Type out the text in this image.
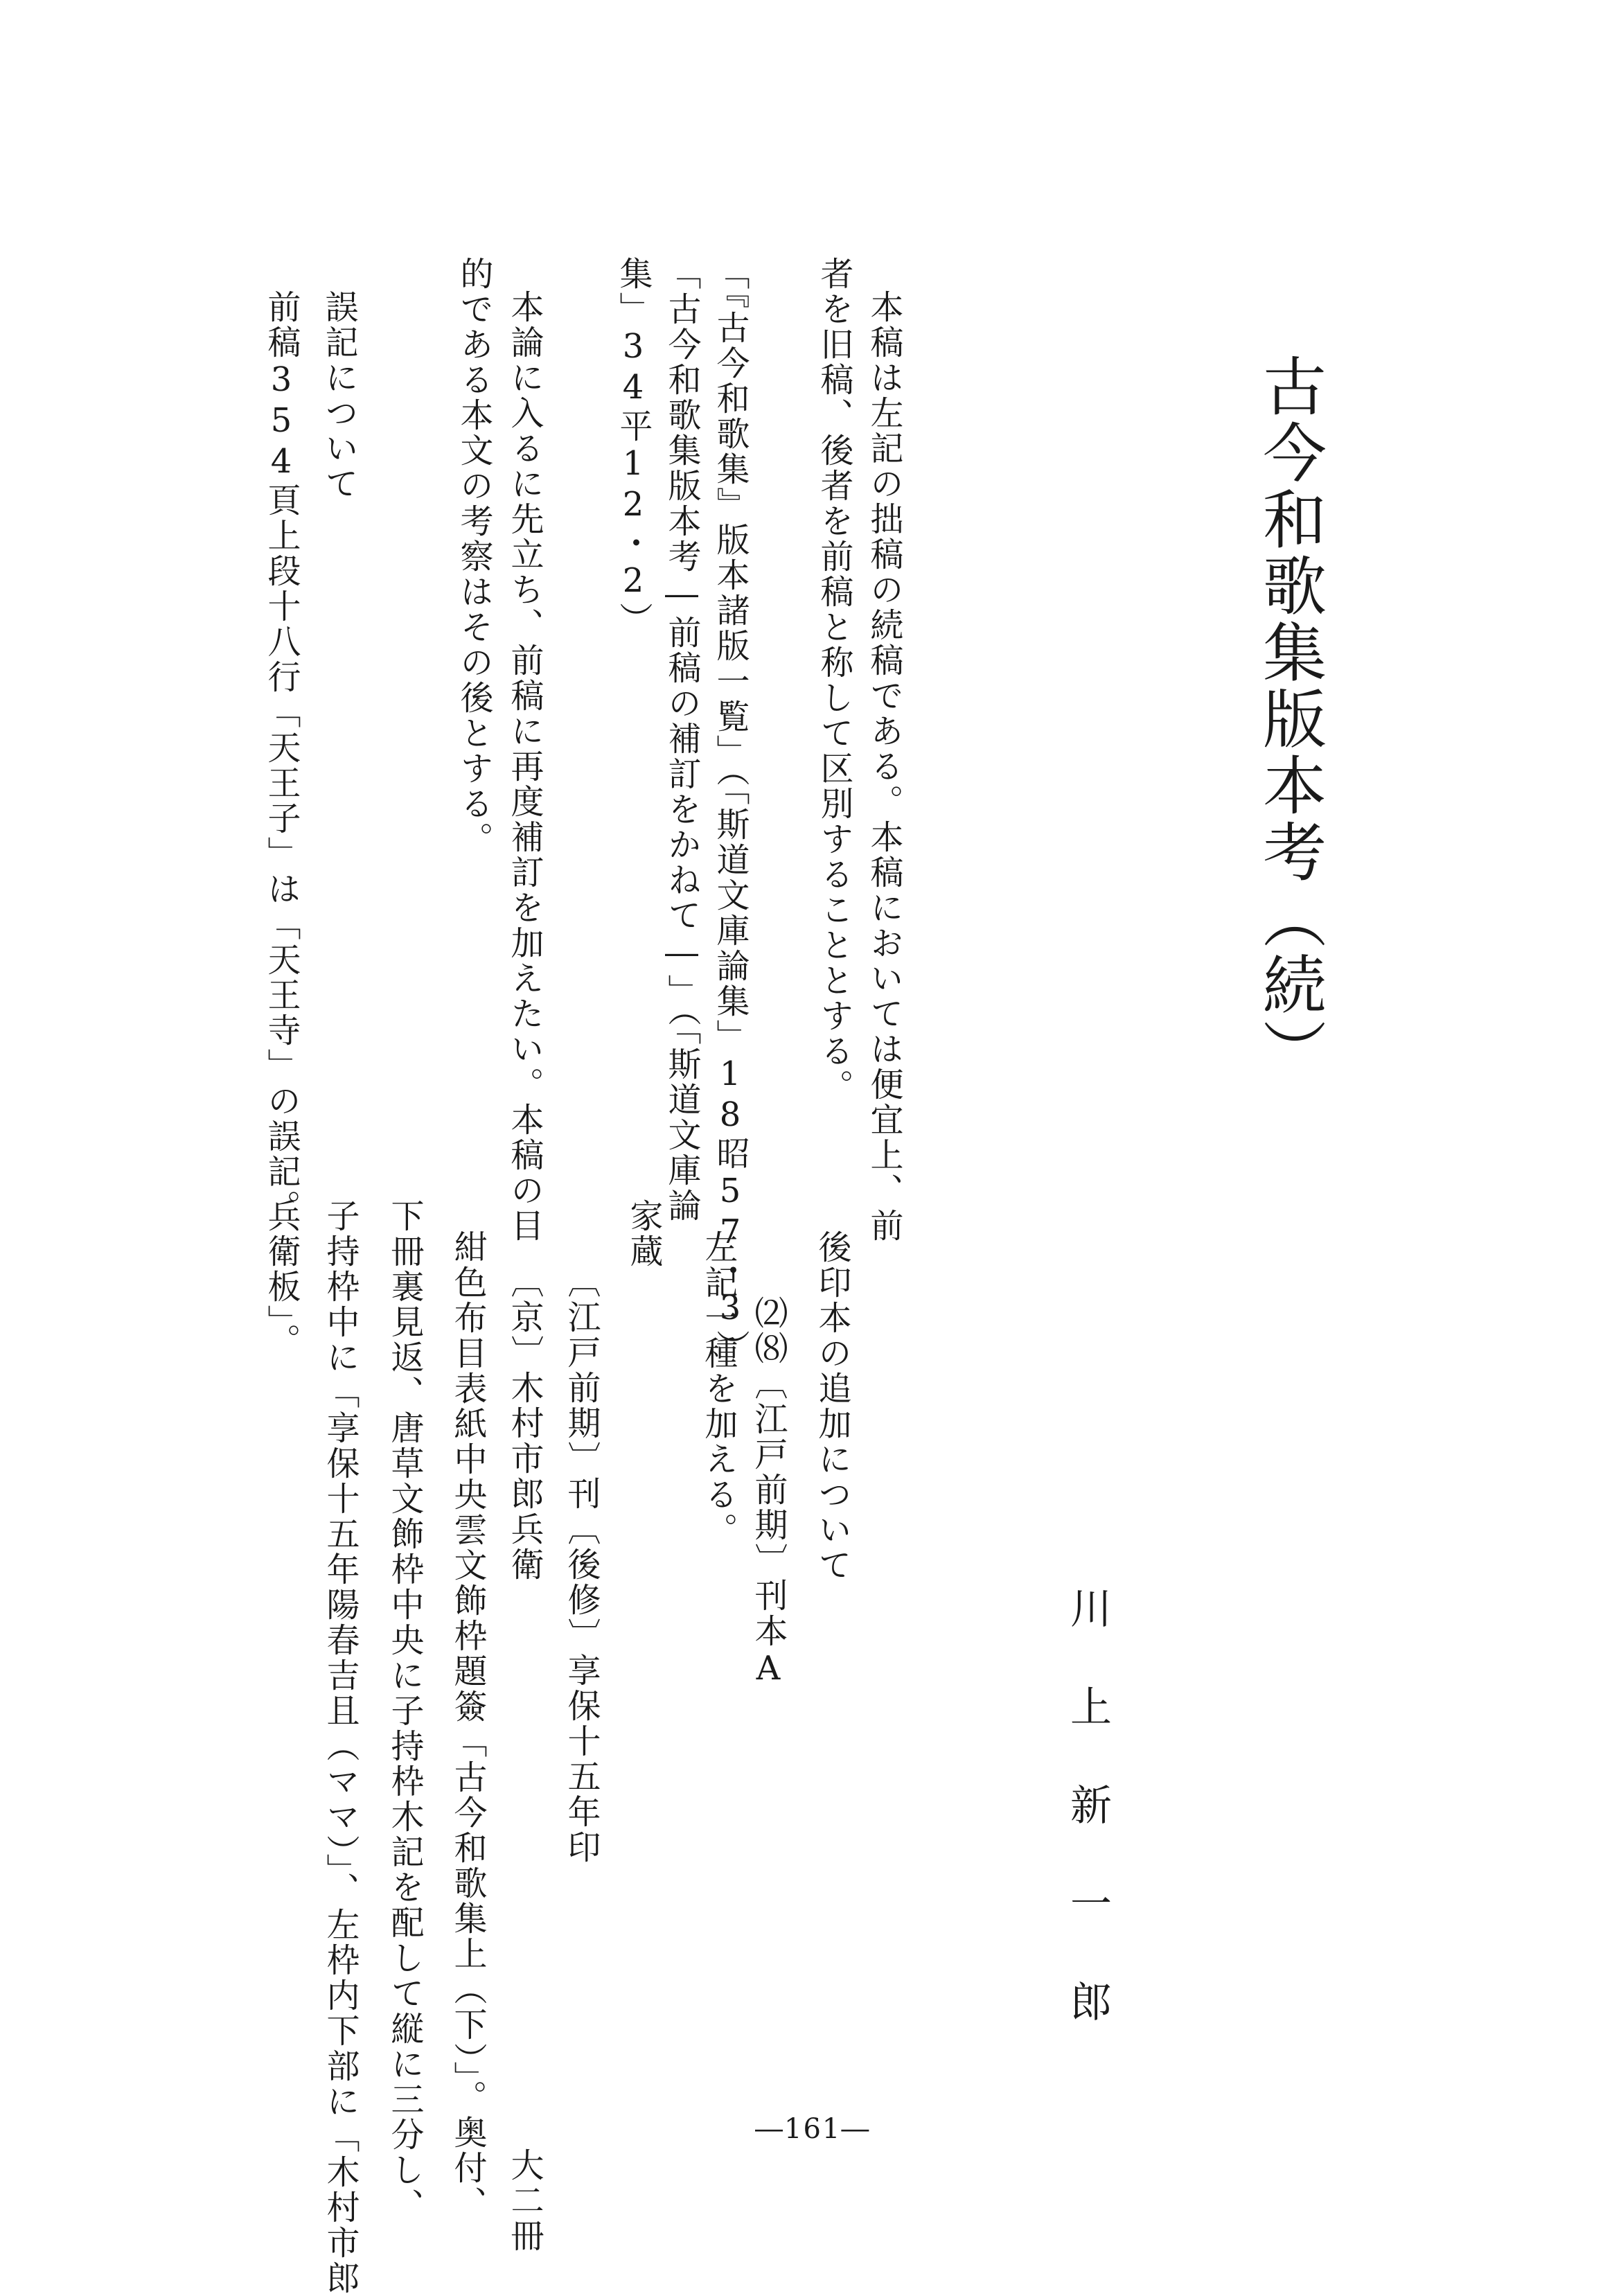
古今和歌集版本考（続）
川上新一郎
本稿は左記の拙稿の続稿である。本稿においては便宜上、前
者を旧稿、後者を前稿と称して区別することとする。
「『古今和歌集』版本諸版一覧」（「斯道文庫論集」18昭57・3）
「古今和歌集版本考―前稿の補訂をかねて―」（「斯道文庫論
集」34平12・2）
本論に入るに先立ち、前稿に再度補訂を加えたい。本稿の目
的である本文の考察はその後とする。
誤記について
前稿354頁上段十八行「天王子」は「天王寺」の誤記。
後印本の追加について
⑵⑻〔江戸前期〕刊本A
左記一種を加える。
家蔵
〔江戸前期〕刊〔後修〕享保十五年印
〔京〕木村市郎兵衛　　　　　　　　　　　　　　　　大二冊
紺色布目表紙中央雲文飾枠題簽「古今和歌集上（下）」。奥付、
下冊裏見返、唐草文飾枠中央に子持枠木記を配して縦に三分し、
子持枠中に「享保十五年陽春吉且（ママ）」、左枠内下部に「木村市郎
兵衛板」。
―161―
